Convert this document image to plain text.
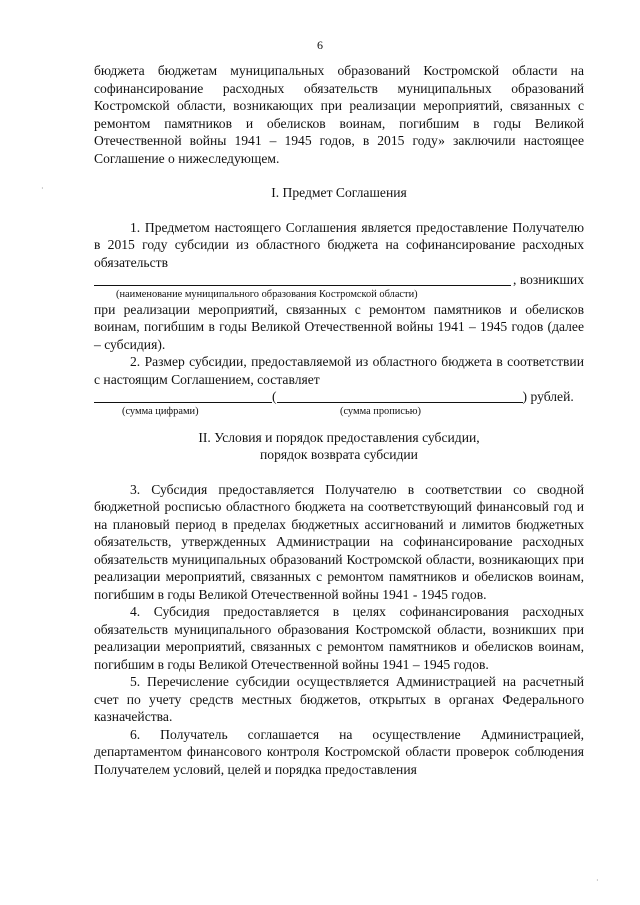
6
·
·

бюджета бюджетам муниципальных образований Костромской области на софинансирование расходных обязательств муниципальных образований Костромской области, возникающих при реализации мероприятий, связанных с ремонтом памятников и обелисков воинам, погибшим в годы Великой Отечественной войны 1941 – 1945 годов, в 2015 году» заключили настоящее Соглашение о нижеследующем.

I. Предмет Соглашения

1. Предметом настоящего Соглашения является предоставление Получателю в 2015 году субсидии из областного бюджета на софинансирование расходных обязательств

, возникших
(наименование муниципального образования Костромской области)

при реализации мероприятий, связанных с ремонтом памятников и обелисков воинам, погибшим в годы Великой Отечественной войны 1941 – 1945 годов (далее – субсидия).

2. Размер субсидии, предоставляемой из областного бюджета в соответствии с настоящим Соглашением, составляет

(	) рублей.
(сумма цифрами)	(сумма прописью)

II. Условия и порядок предоставления субсидии,

порядок возврата субсидии

3. Субсидия предоставляется Получателю в соответствии со сводной бюджетной росписью областного бюджета на соответствующий финансовый год и на плановый период в пределах бюджетных ассигнований и лимитов бюджетных обязательств, утвержденных Администрации на софинансирование расходных обязательств муниципальных образований Костромской области, возникающих при реализации мероприятий, связанных с ремонтом памятников и обелисков воинам, погибшим в годы Великой Отечественной войны 1941 - 1945 годов.

4. Субсидия предоставляется в целях софинансирования расходных обязательств муниципального образования Костромской области, возникших при реализации мероприятий, связанных с ремонтом памятников и обелисков воинам, погибшим в годы Великой Отечественной войны 1941 – 1945 годов.

5. Перечисление субсидии осуществляется Администрацией на расчетный счет по учету средств местных бюджетов, открытых в органах Федерального казначейства.

6. Получатель соглашается на осуществление Администрацией, департаментом финансового контроля Костромской области проверок соблюдения Получателем условий, целей и порядка предоставления
